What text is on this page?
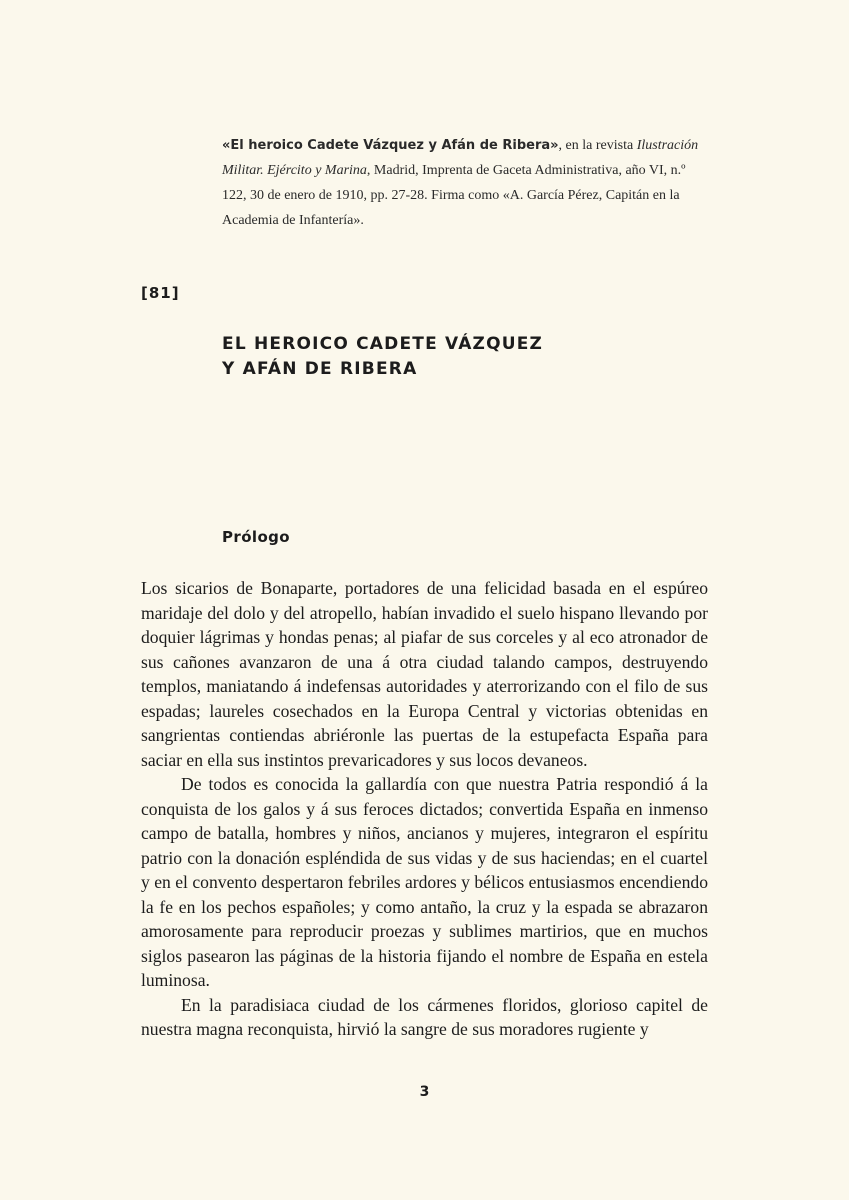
«El heroico Cadete Vázquez y Afán de Ribera», en la revista Ilustración Militar. Ejército y Marina, Madrid, Imprenta de Gaceta Administrativa, año VI, n.º 122, 30 de enero de 1910, pp. 27-28. Firma como «A. García Pérez, Capitán en la Academia de Infantería».
[81]
EL HEROICO CADETE VÁZQUEZ
Y AFÁN DE RIBERA
Prólogo

Los sicarios de Bonaparte, portadores de una felicidad basada en el espúreo maridaje del dolo y del atropello, habían invadido el suelo hispano llevando por doquier lágrimas y hondas penas; al piafar de sus corceles y al eco atronador de sus cañones avanzaron de una á otra ciudad talando campos, destruyendo templos, maniatando á indefensas autoridades y aterrorizando con el filo de sus espadas; laureles cosechados en la Europa Central y victorias obtenidas en sangrientas contiendas abriéronle las puertas de la estupefacta España para saciar en ella sus instintos prevaricadores y sus locos devaneos.

De todos es conocida la gallardía con que nuestra Patria respondió á la conquista de los galos y á sus feroces dictados; convertida España en inmenso campo de batalla, hombres y niños, ancianos y mujeres, integraron el espíritu patrio con la donación espléndida de sus vidas y de sus haciendas; en el cuartel y en el convento despertaron febriles ardores y bélicos entusiasmos encendiendo la fe en los pechos españoles; y como antaño, la cruz y la espada se abrazaron amorosamente para reproducir proezas y sublimes martirios, que en muchos siglos pasearon las páginas de la historia fijando el nombre de España en estela luminosa.

En la paradisiaca ciudad de los cármenes floridos, glorioso capitel de nuestra magna reconquista, hirvió la sangre de sus moradores rugiente y

3
